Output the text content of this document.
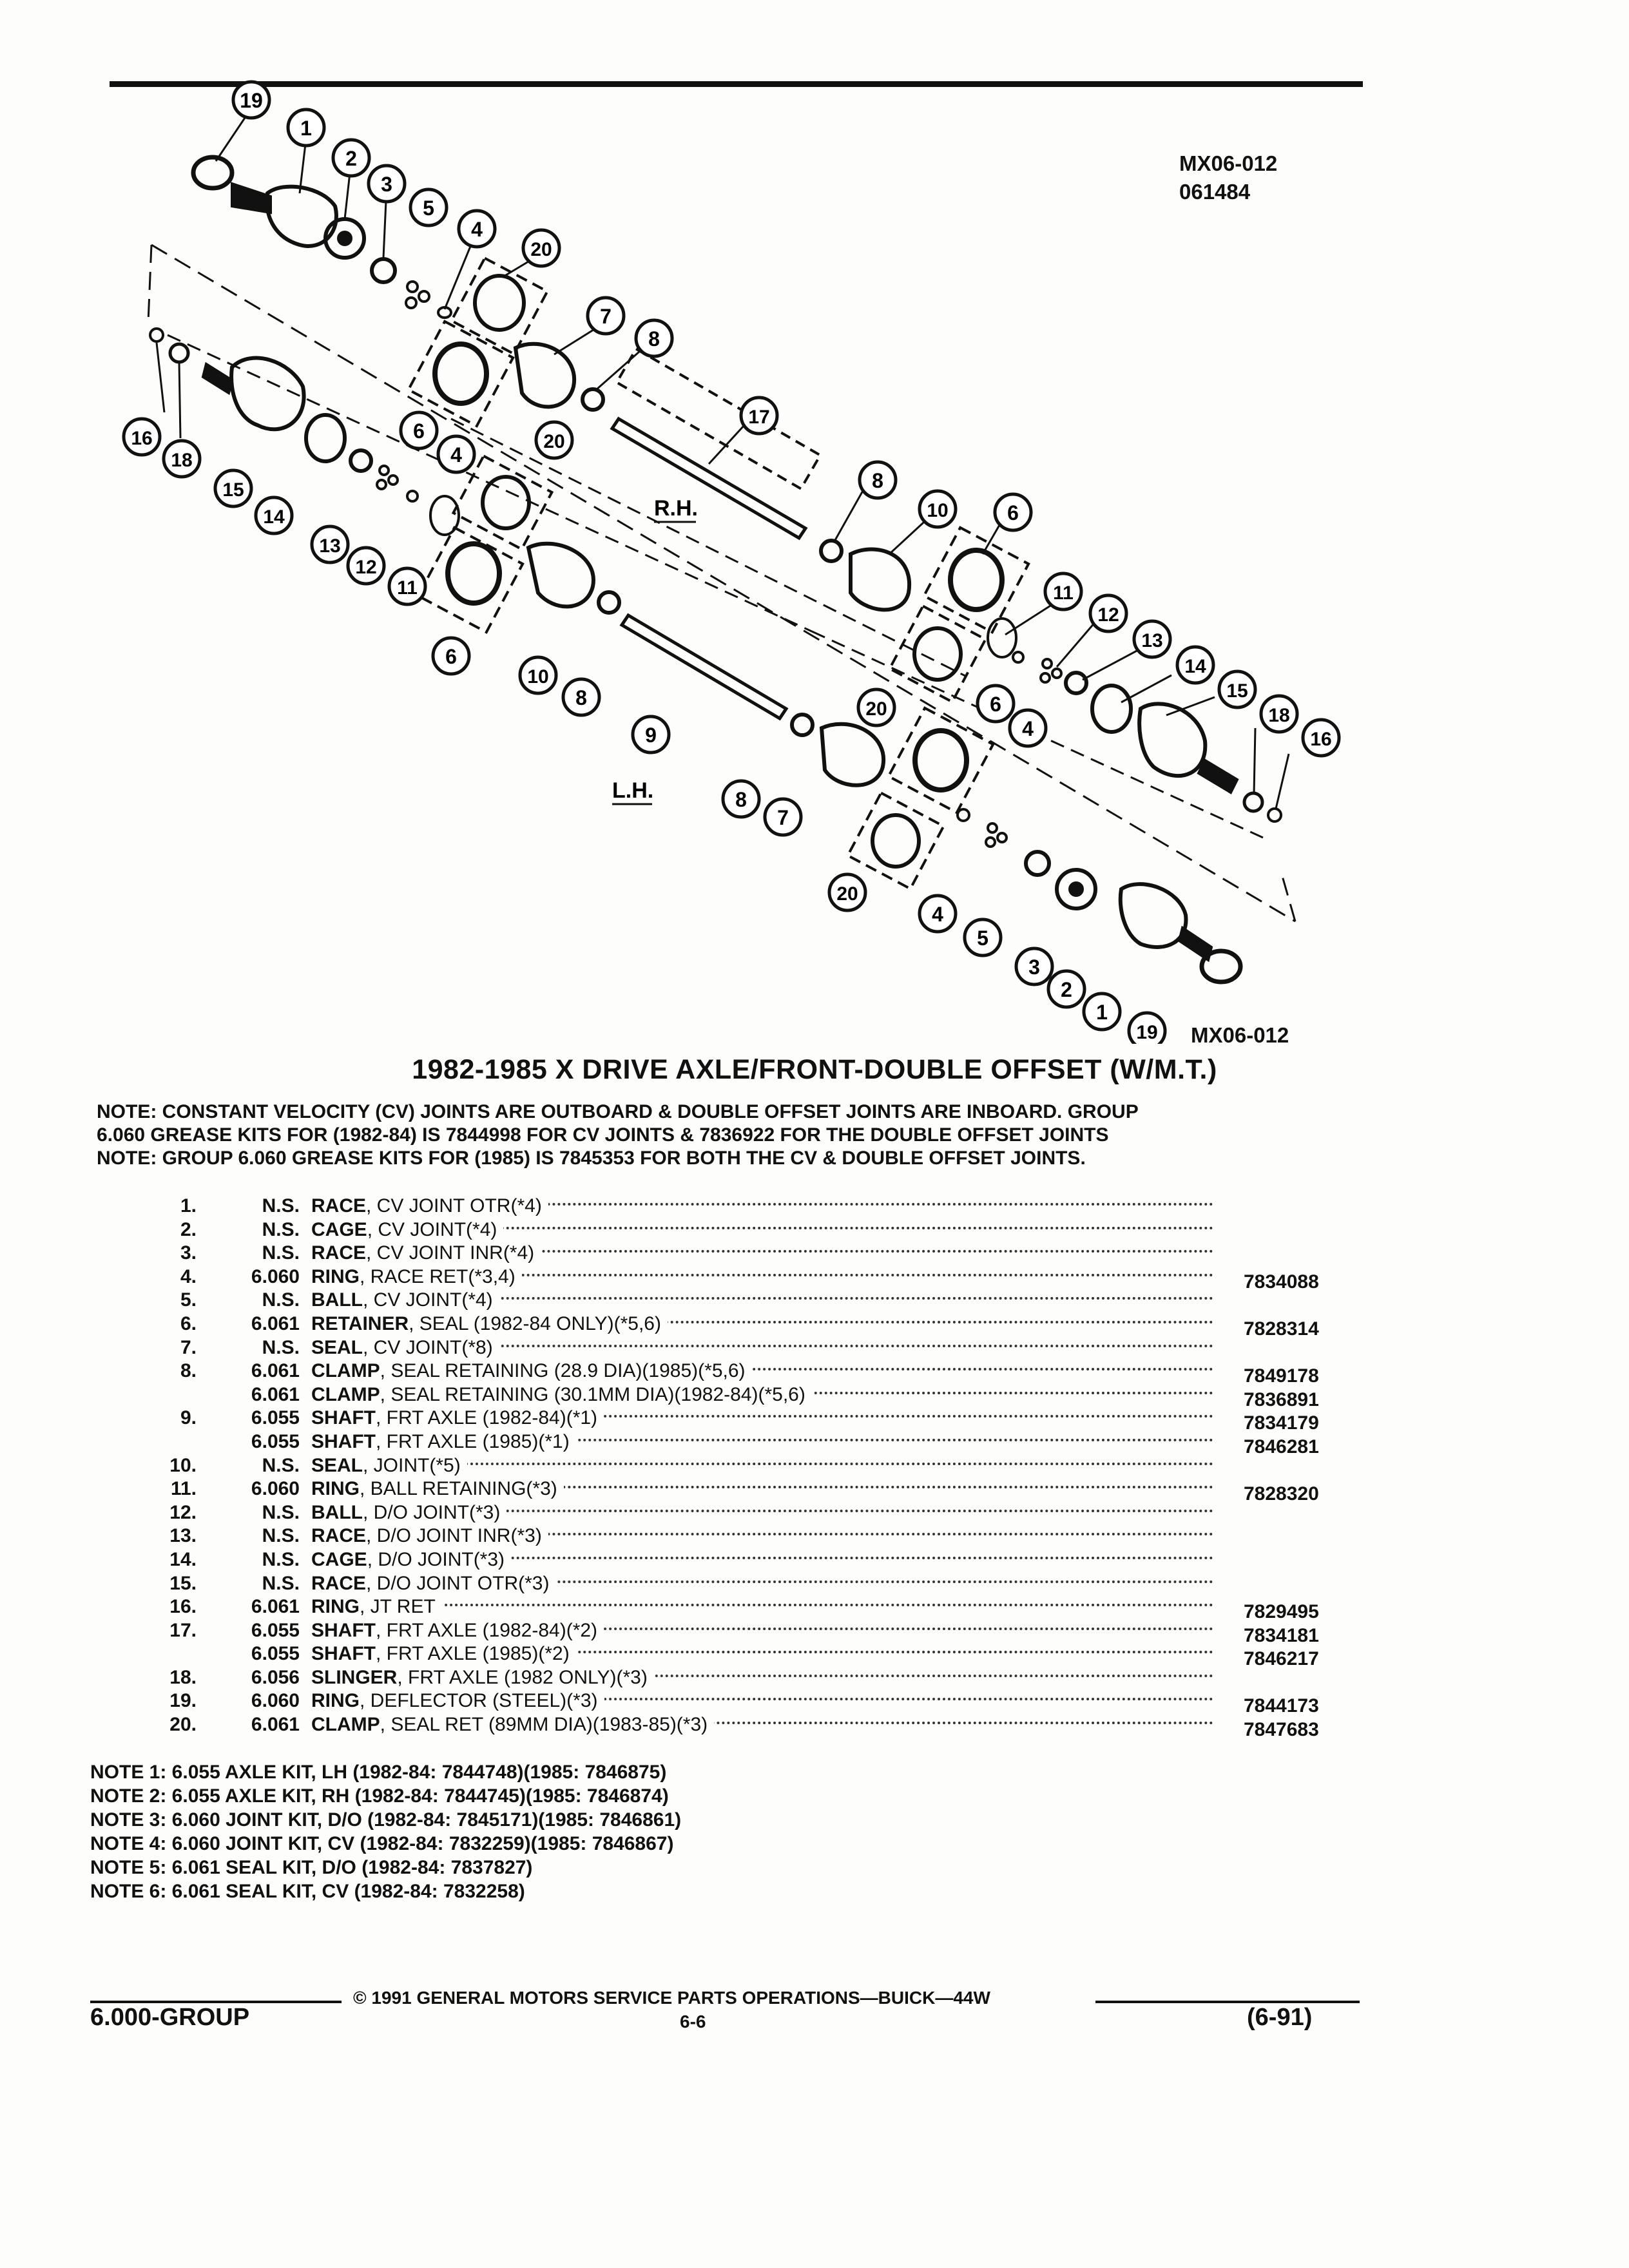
19
1
2
3
5
4
20
7
8
16
18
15
14
13
12
11
6
4
20
6
10
8
17
8
10	6
11
12
13
14
15
18
16
20
4
6
9
8
7
20
4
5
3
2
1
19
R.H.
L.H.
MX06-012
061484
MX06-012
1982-1985 X DRIVE AXLE/FRONT-DOUBLE OFFSET (W/M.T.)
NOTE: CONSTANT VELOCITY (CV) JOINTS ARE OUTBOARD & DOUBLE OFFSET JOINTS ARE INBOARD. GROUP
6.060 GREASE KITS FOR (1982-84) IS 7844998 FOR CV JOINTS & 7836922 FOR THE DOUBLE OFFSET JOINTS
NOTE: GROUP 6.060 GREASE KITS FOR (1985) IS 7845353 FOR BOTH THE CV & DOUBLE OFFSET JOINTS.
1.	N.S. RACE, CV JOINT OTR(*4)
2.	N.S. CAGE, CV JOINT(*4)
3.	N.S. RACE, CV JOINT INR(*4)
4.	6.060 RING, RACE RET(*3,4)	7834088
5.	N.S. BALL, CV JOINT(*4)
6.	6.061 RETAINER, SEAL (1982-84 ONLY)(*5,6)	7828314
7.	N.S. SEAL, CV JOINT(*8)
8.	6.061 CLAMP, SEAL RETAINING (28.9 DIA)(1985)(*5,6)	7849178
6.061 CLAMP, SEAL RETAINING (30.1MM DIA)(1982-84)(*5,6)	7836891
9.	6.055 SHAFT, FRT AXLE (1982-84)(*1)	7834179
6.055 SHAFT, FRT AXLE (1985)(*1)	7846281
10.	N.S. SEAL, JOINT(*5)
11.	6.060 RING, BALL RETAINING(*3)	7828320
12.	N.S. BALL, D/O JOINT(*3)
13.	N.S. RACE, D/O JOINT INR(*3)
14.	N.S. CAGE, D/O JOINT(*3)
15.	N.S. RACE, D/O JOINT OTR(*3)
16.	6.061 RING, JT RET	7829495
17.	6.055 SHAFT, FRT AXLE (1982-84)(*2)	7834181
6.055 SHAFT, FRT AXLE (1985)(*2)	7846217
18.	6.056 SLINGER, FRT AXLE (1982 ONLY)(*3)
19.	6.060 RING, DEFLECTOR (STEEL)(*3)	7844173
20.	6.061 CLAMP, SEAL RET (89MM DIA)(1983-85)(*3)	7847683
NOTE 1: 6.055 AXLE KIT, LH (1982-84: 7844748)(1985: 7846875)
NOTE 2: 6.055 AXLE KIT, RH (1982-84: 7844745)(1985: 7846874)
NOTE 3: 6.060 JOINT KIT, D/O (1982-84: 7845171)(1985: 7846861)
NOTE 4: 6.060 JOINT KIT, CV (1982-84: 7832259)(1985: 7846867)
NOTE 5: 6.061 SEAL KIT, D/O (1982-84: 7837827)
NOTE 6: 6.061 SEAL KIT, CV (1982-84: 7832258)
© 1991 GENERAL MOTORS SERVICE PARTS OPERATIONS—BUICK—44W
6.000-GROUP	6-6	(6-91)
